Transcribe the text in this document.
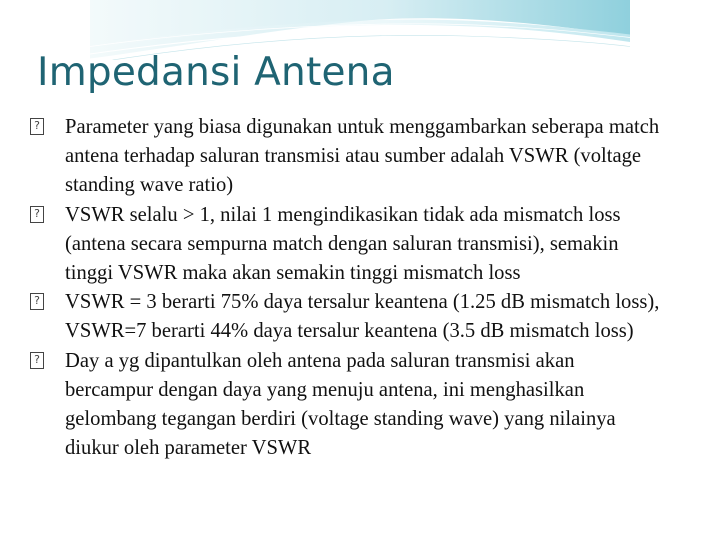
Impedansi Antena
? Parameter yang biasa digunakan untuk menggambarkan seberapa match antena terhadap saluran transmisi atau sumber adalah VSWR (voltage standing wave ratio)
? VSWR selalu > 1, nilai 1 mengindikasikan tidak ada mismatch loss (antena secara sempurna match dengan saluran transmisi), semakin tinggi VSWR maka akan semakin tinggi mismatch loss
? VSWR = 3 berarti 75% daya tersalur keantena (1.25 dB mismatch loss), VSWR=7 berarti 44% daya tersalur keantena (3.5 dB mismatch loss)
? Day a yg dipantulkan oleh antena pada saluran transmisi akan bercampur dengan daya yang menuju antena, ini menghasilkan gelombang tegangan berdiri (voltage standing wave) yang nilainya diukur oleh parameter VSWR
